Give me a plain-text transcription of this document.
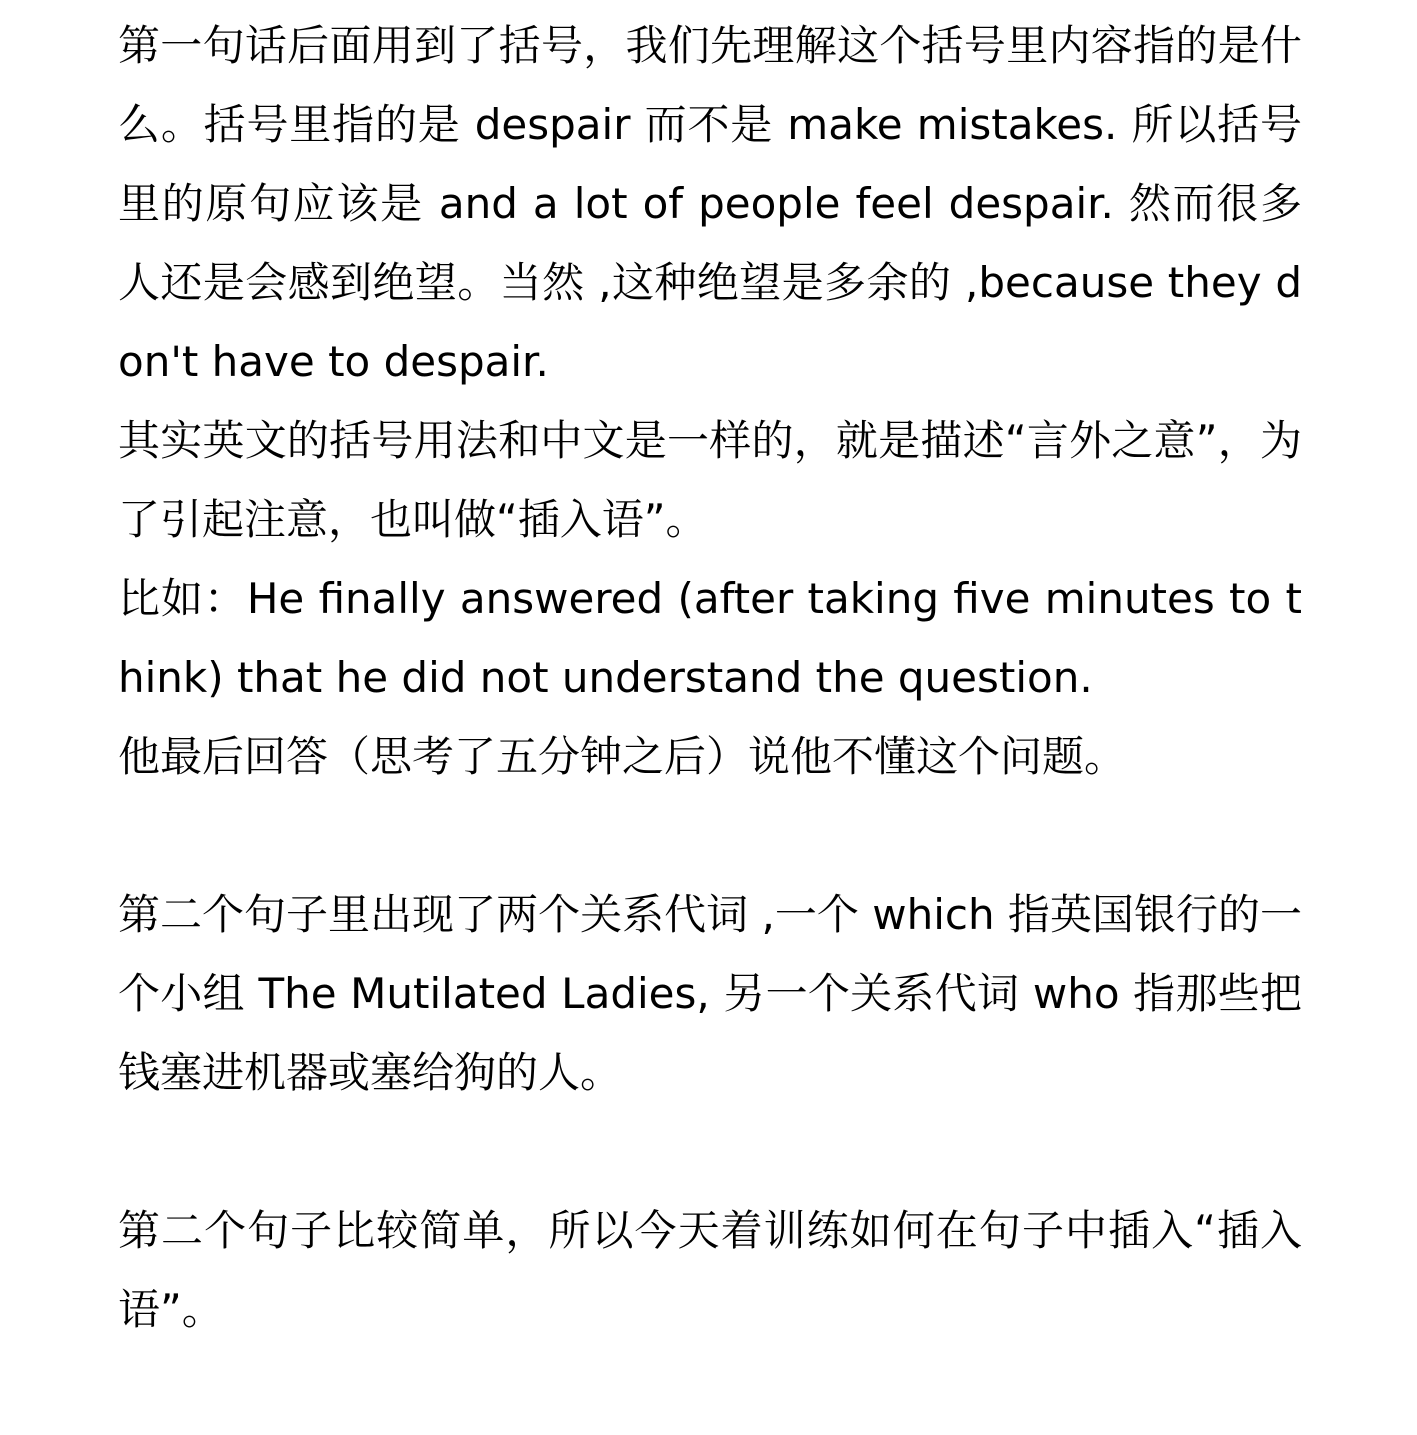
第一句话后面用到了括号，我们先理解这个括号里内容指的是什么。括号里指的是 despair 而不是 make mistakes. 所以括号里的原句应该是 and a lot of people feel despair. 然而很多人还是会感到绝望。当然 ,这种绝望是多余的 ,because they don't have to despair.

其实英文的括号用法和中文是一样的，就是描述“言外之意”，为了引起注意，也叫做“插入语”。

比如：He finally answered (after taking five minutes to think) that he did not understand the question.

他最后回答（思考了五分钟之后）说他不懂这个问题。

第二个句子里出现了两个关系代词 ,一个 which 指英国银行的一个小组 The Mutilated Ladies, 另一个关系代词 who 指那些把钱塞进机器或塞给狗的人。

第二个句子比较简单，所以今天着训练如何在句子中插入“插入语”。
